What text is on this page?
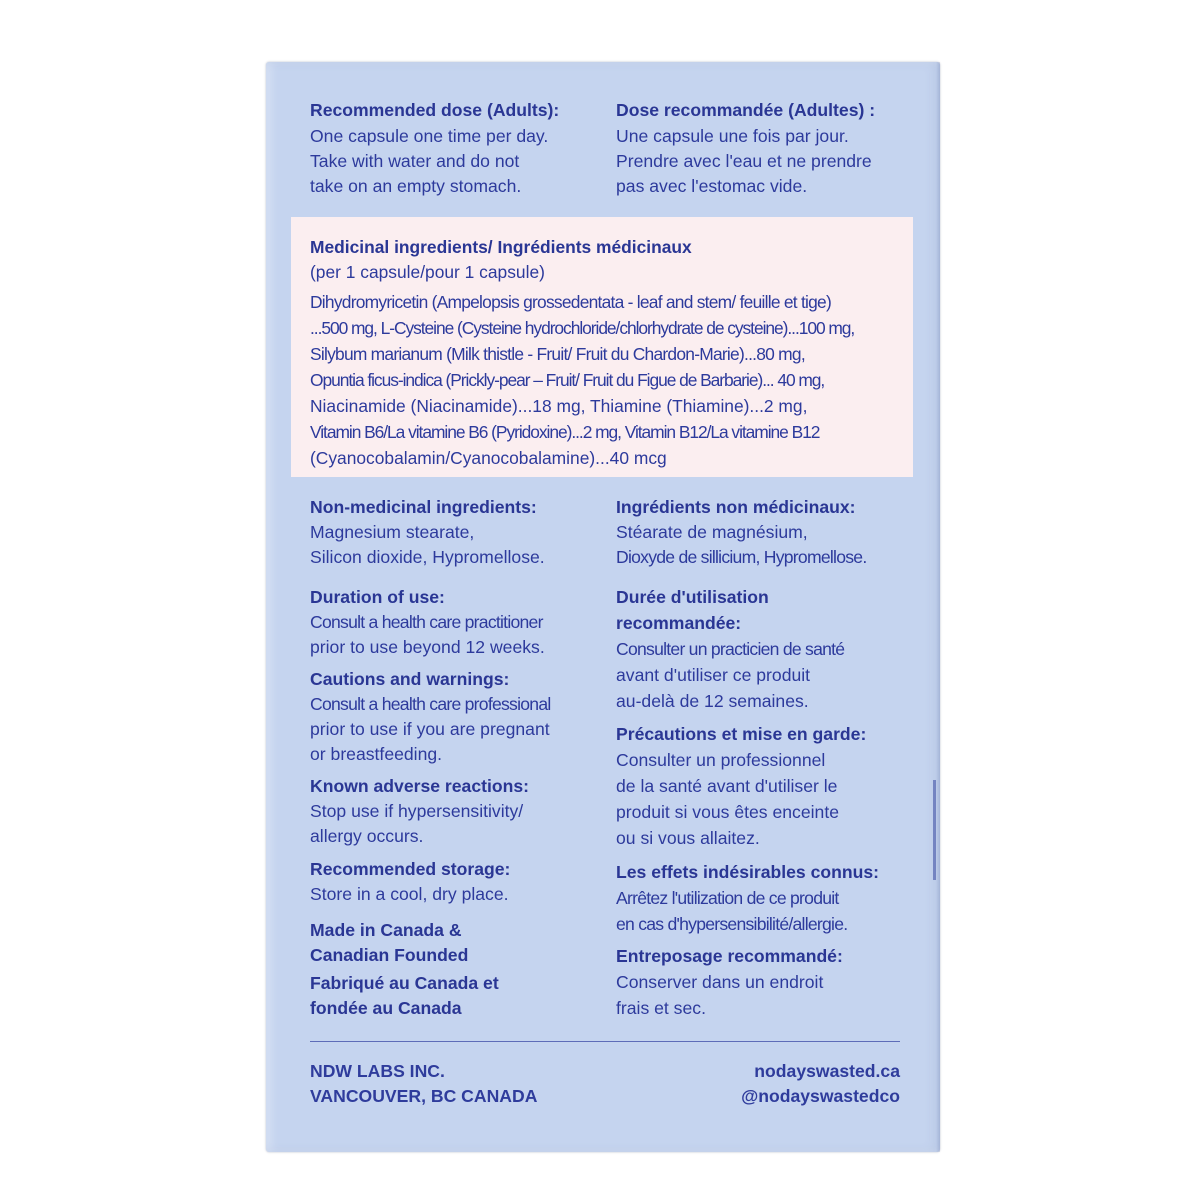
Recommended dose (Adults):
One capsule one time per day.
Take with water and do not
take on an empty stomach.
Dose recommandée (Adultes) :
Une capsule une fois par jour.
Prendre avec l'eau et ne prendre
pas avec l'estomac vide.
Medicinal ingredients/ Ingrédients médicinaux
(per 1 capsule/pour 1 capsule)
Dihydromyricetin (Ampelopsis grossedentata - leaf and stem/ feuille et tige)
...500 mg, L-Cysteine (Cysteine hydrochloride/chlorhydrate de cysteine)...100 mg,
Silybum marianum (Milk thistle - Fruit/ Fruit du Chardon-Marie)...80 mg,
Opuntia ficus-indica (Prickly-pear – Fruit/ Fruit du Figue de Barbarie)... 40 mg,
Niacinamide (Niacinamide)...18 mg, Thiamine (Thiamine)...2 mg,
Vitamin B6/La vitamine B6 (Pyridoxine)...2 mg, Vitamin B12/La vitamine B12
(Cyanocobalamin/Cyanocobalamine)...40 mcg
Non-medicinal ingredients:
Magnesium stearate,
Silicon dioxide, Hypromellose.
Ingrédients non médicinaux:
Stéarate de magnésium,
Dioxyde de sillicium, Hypromellose.
Duration of use:
Consult a health care practitioner
prior to use beyond 12 weeks.
Durée d'utilisation
recommandée:
Consulter un practicien de santé
avant d'utiliser ce produit
au-delà de 12 semaines.
Cautions and warnings:
Consult a health care professional
prior to use if you are pregnant
or breastfeeding.
Précautions et mise en garde:
Consulter un professionnel
de la santé avant d'utiliser le
produit si vous êtes enceinte
ou si vous allaitez.
Known adverse reactions:
Stop use if hypersensitivity/
allergy occurs.
Les effets indésirables connus:
Arrêtez l'utilization de ce produit
en cas d'hypersensibilité/allergie.
Recommended storage:
Store in a cool, dry place.
Entreposage recommandé:
Conserver dans un endroit
frais et sec.
Made in Canada &
Canadian Founded
Fabriqué au Canada et
fondée au Canada
NDW LABS INC.
VANCOUVER, BC CANADA
nodayswasted.ca
@nodayswastedco
